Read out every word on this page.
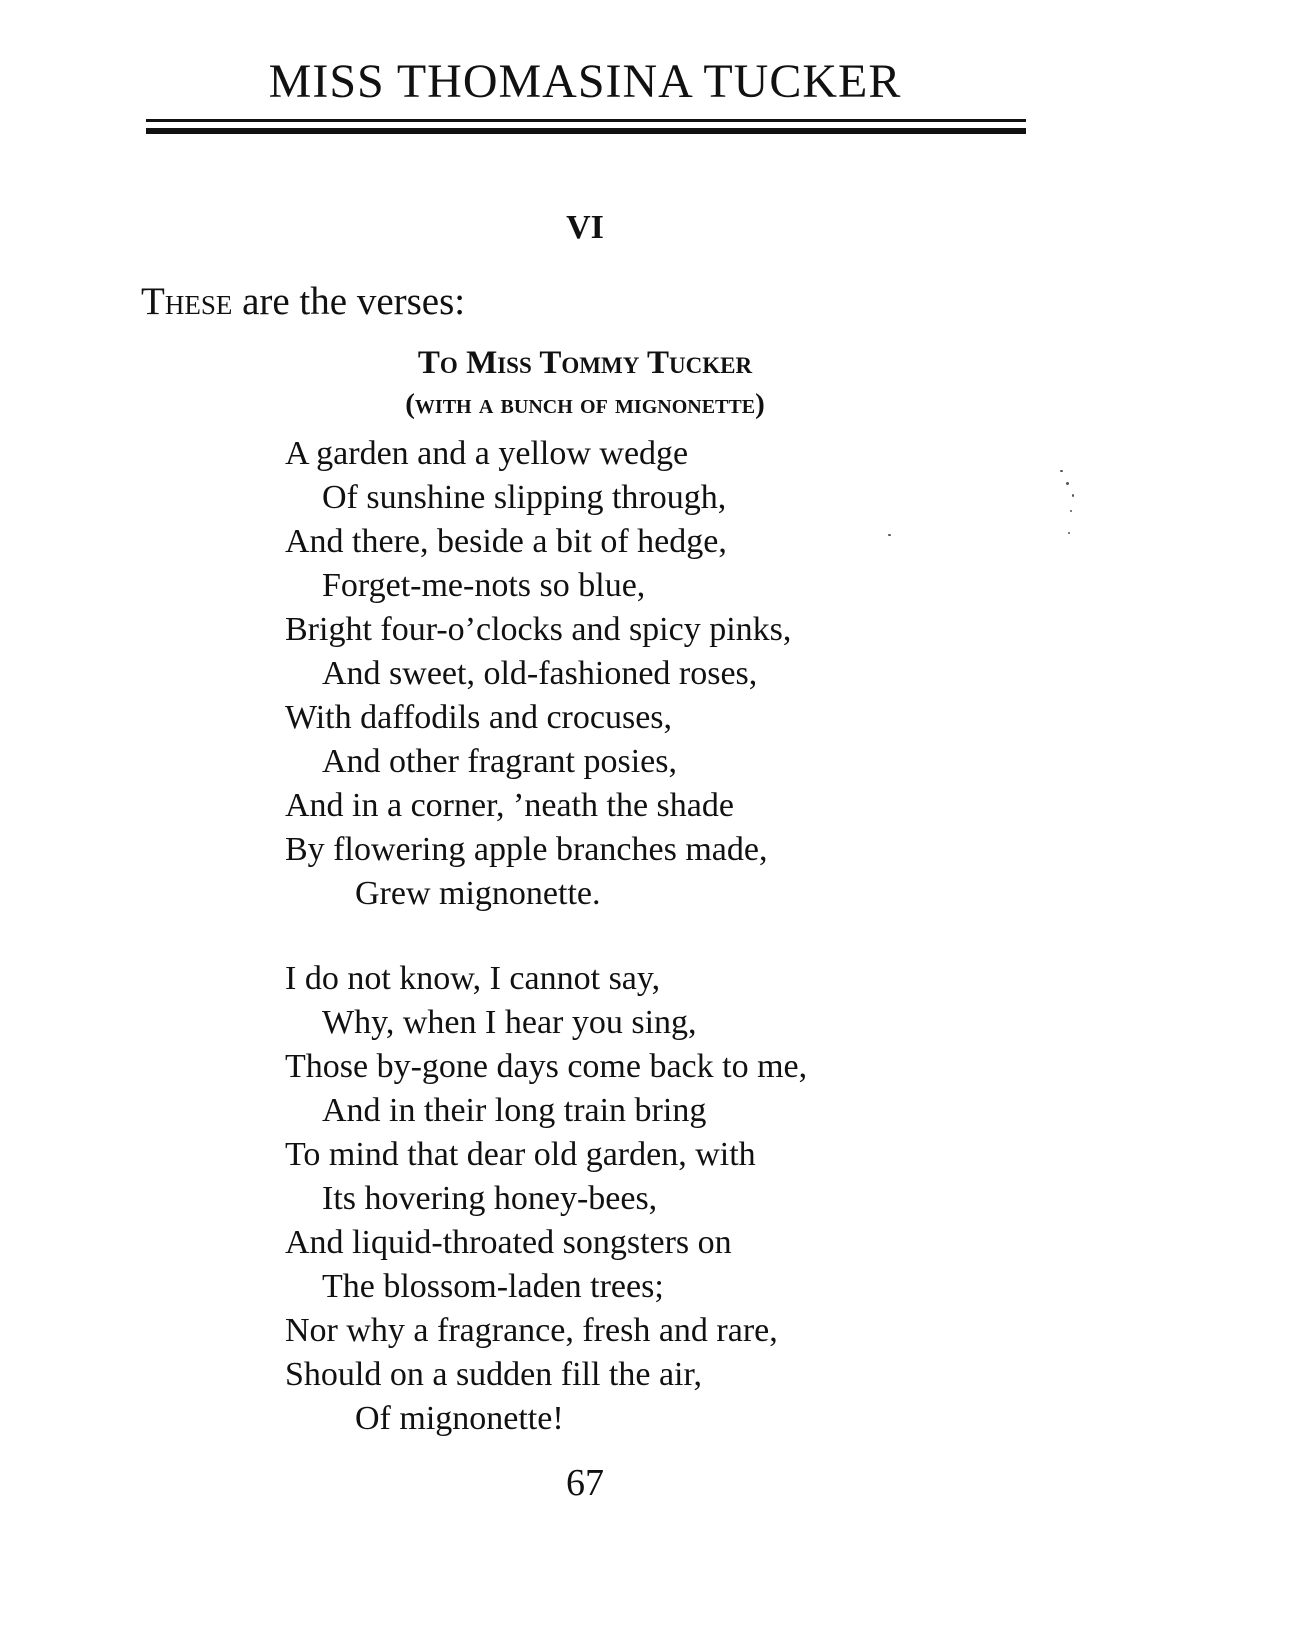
MISS THOMASINA TUCKER
VI

These are the verses:

To Miss Tommy Tucker
(with a bunch of mignonette)
A garden and a yellow wedge
Of sunshine slipping through,
And there, beside a bit of hedge,
Forget-me-nots so blue,
Bright four-o’clocks and spicy pinks,
And sweet, old-fashioned roses,
With daffodils and crocuses,
And other fragrant posies,
And in a corner, ’neath the shade
By flowering apple branches made,
Grew mignonette.
I do not know, I cannot say,
Why, when I hear you sing,
Those by-gone days come back to me,
And in their long train bring
To mind that dear old garden, with
Its hovering honey-bees,
And liquid-throated songsters on
The blossom-laden trees;
Nor why a fragrance, fresh and rare,
Should on a sudden fill the air,
Of mignonette!

67
